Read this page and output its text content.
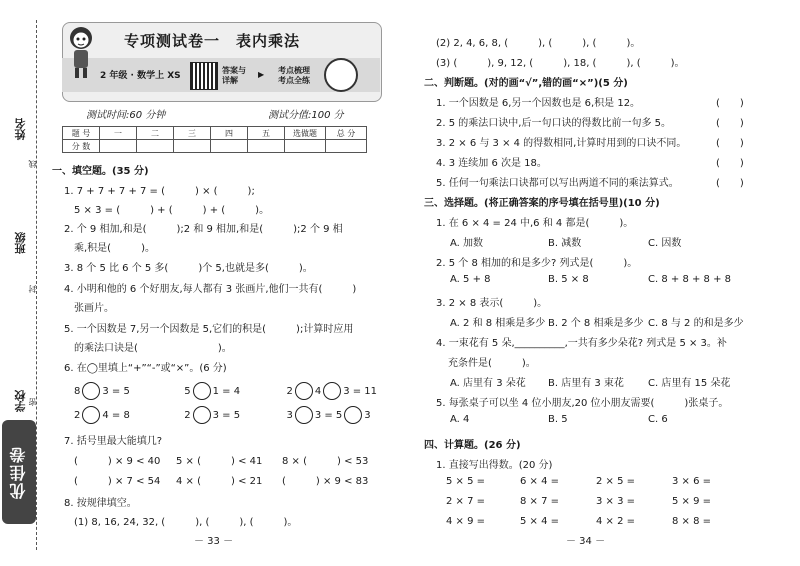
姓名
线
班级
封
学校 密
优佳卷
专项测试卷一　表内乘法
2 年级 · 数学上 XS
答案与
详解
▶ 考点梳理
考点全练
测试时间:60 分钟	测试分值:100 分
题 号	一	二	三	四	五	选做题	总 分
分 数							
一、填空题。(35 分)
1. 7 + 7 + 7 + 7 = (　　　) × (　　　);
5 × 3 = (　　　) + (　　　) + (　　　)。
2. 个 9 相加,和是(　　　);2 和 9 相加,和是(　　　);2 个 9 相
乘,积是(　　　)。
3. 8 个 5 比 6 个 5 多(　　　)个 5,也就是多(　　　)。
4. 小明和他的 6 个好朋友,每人都有 3 张画片,他们一共有(　　　)
张画片。
5. 一个因数是 7,另一个因数是 5,它们的积是(　　　);计算时应用
的乘法口诀是(　　　　　　　　)。
6. 在◯里填上“+”“-”或“×”。(6 分)
8 3 = 5	5 1 = 4	2 4 3 = 11
2 4 = 8	2 3 = 5	3 3 = 5 3
7. 括号里最大能填几?
(　　　) × 9 < 40 5 × (　　　) < 41 8 × (　　　) < 53
(　　　) × 7 < 54 4 × (　　　) < 21 (　　　) × 9 < 83
8. 按规律填空。
(1) 8, 16, 24, 32, (　　　), (　　　), (　　　)。
－ 33 －
(2) 2, 4, 6, 8, (　　　), (　　　), (　　　)。
(3) (　　　), 9, 12, (　　　), 18, (　　　), (　　　)。
二、判断题。(对的画“√”,错的画“×”)(5 分)
1. 一个因数是 6,另一个因数也是 6,积是 12。	(　　)
2. 5 的乘法口诀中,后一句口诀的得数比前一句多 5。	(　　)
3. 2 × 6 与 3 × 4 的得数相同,计算时用到的口诀不同。	(　　)
4. 3 连续加 6 次是 18。	(　　)
5. 任何一句乘法口诀都可以写出两道不同的乘法算式。	(　　)
三、选择题。(将正确答案的序号填在括号里)(10 分)
1. 在 6 × 4 = 24 中,6 和 4 都是(　　　)。
A. 加数	B. 减数	C. 因数
2. 5 个 8 相加的和是多少? 列式是(　　　)。
A. 5 + 8	B. 5 × 8	C. 8 + 8 + 8 + 8
3. 2 × 8 表示(　　　)。
A. 2 和 8 相乘是多少 B. 2 个 8 相乘是多少 C. 8 与 2 的和是多少
4. 一束花有 5 朵,__________,一共有多少朵花? 列式是 5 × 3。补
充条件是(　　　)。
A. 店里有 3 朵花 B. 店里有 3 束花 C. 店里有 15 朵花
5. 每张桌子可以坐 4 位小朋友,20 位小朋友需要(　　　)张桌子。
A. 4	B. 5	C. 6
四、计算题。(26 分)
1. 直接写出得数。(20 分)
5 × 5 =	6 × 4 =	2 × 5 =	3 × 6 =
2 × 7 =	8 × 7 =	3 × 3 =	5 × 9 =
4 × 9 =	5 × 4 =	4 × 2 =	8 × 8 =
－ 34 －
